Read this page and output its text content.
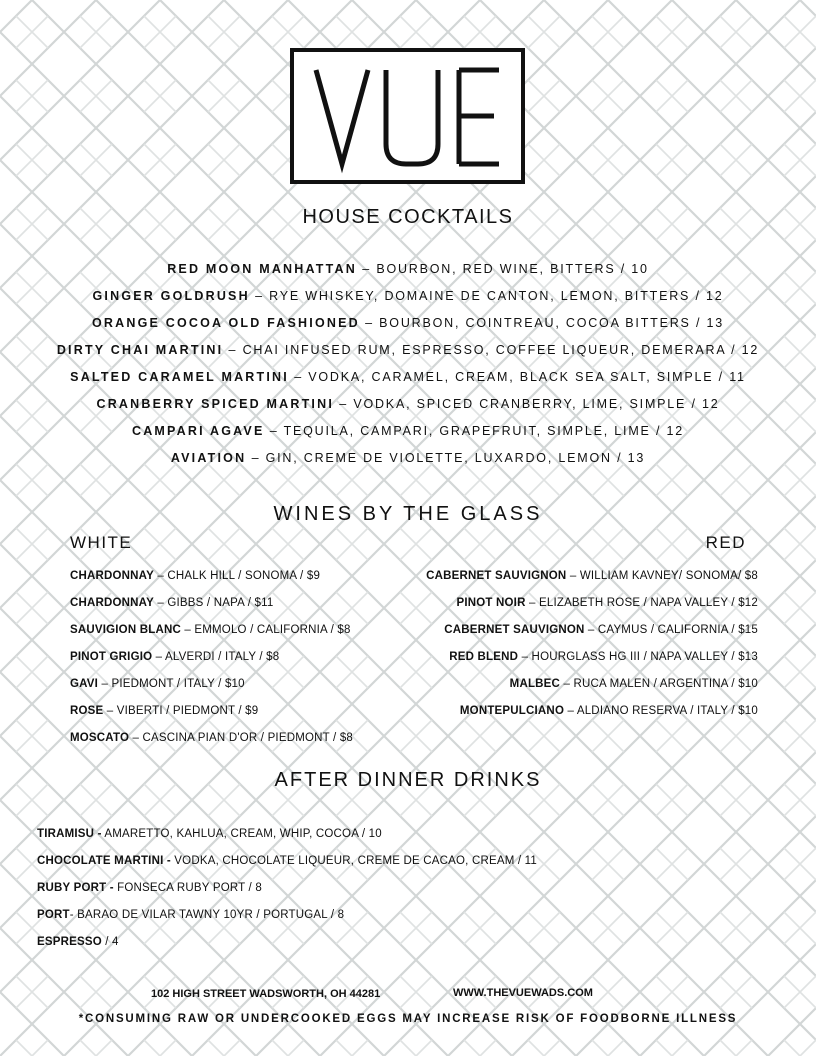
HOUSE COCKTAILS
RED MOON MANHATTAN – BOURBON, RED WINE, BITTERS / 10
GINGER GOLDRUSH – RYE WHISKEY, DOMAINE DE CANTON, LEMON, BITTERS / 12
ORANGE COCOA OLD FASHIONED – BOURBON, COINTREAU, COCOA BITTERS / 13
DIRTY CHAI MARTINI – CHAI INFUSED RUM, ESPRESSO, COFFEE LIQUEUR, DEMERARA / 12
SALTED CARAMEL MARTINI – VODKA, CARAMEL, CREAM, BLACK SEA SALT, SIMPLE / 11
CRANBERRY SPICED MARTINI – VODKA, SPICED CRANBERRY, LIME, SIMPLE / 12
CAMPARI AGAVE – TEQUILA, CAMPARI, GRAPEFRUIT, SIMPLE, LIME / 12
AVIATION – GIN, CREME DE VIOLETTE, LUXARDO, LEMON / 13
WINES BY THE GLASS
WHITE	RED
CHARDONNAY – CHALK HILL / SONOMA / $9
CHARDONNAY – GIBBS / NAPA / $11
SAUVIGION BLANC – EMMOLO / CALIFORNIA / $8
PINOT GRIGIO – ALVERDI / ITALY / $8
GAVI – PIEDMONT / ITALY / $10
ROSE – VIBERTI / PIEDMONT / $9
MOSCATO – CASCINA PIAN D'OR / PIEDMONT / $8
CABERNET SAUVIGNON – WILLIAM KAVNEY/ SONOMA/ $8
PINOT NOIR – ELIZABETH ROSE / NAPA VALLEY / $12
CABERNET SAUVIGNON – CAYMUS / CALIFORNIA / $15
RED BLEND – HOURGLASS HG III / NAPA VALLEY / $13
MALBEC – RUCA MALEN / ARGENTINA / $10
MONTEPULCIANO – ALDIANO RESERVA / ITALY / $10
AFTER DINNER DRINKS
TIRAMISU - AMARETTO, KAHLUA, CREAM, WHIP, COCOA / 10
CHOCOLATE MARTINI - VODKA, CHOCOLATE LIQUEUR, CREME DE CACAO, CREAM / 11
RUBY PORT - FONSECA RUBY PORT / 8
PORT- BARAO DE VILAR TAWNY 10YR / PORTUGAL / 8
ESPRESSO / 4
102 HIGH STREET WADSWORTH, OH 44281	WWW.THEVUEWADS.COM
*CONSUMING RAW OR UNDERCOOKED EGGS MAY INCREASE RISK OF FOODBORNE ILLNESS
